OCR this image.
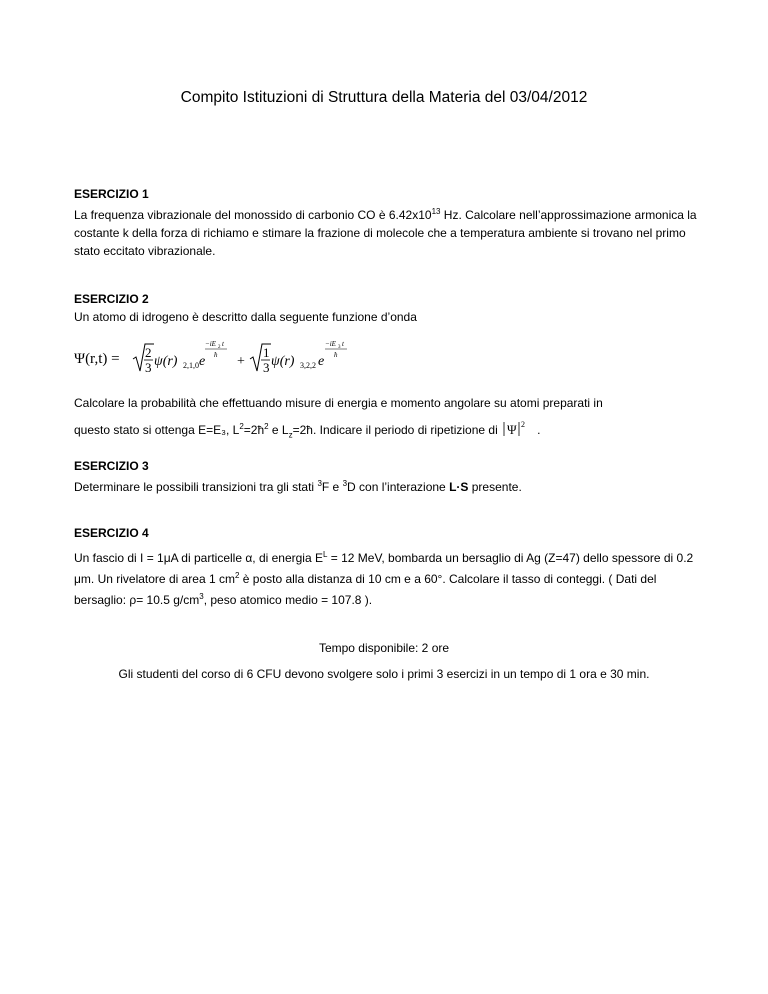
Compito Istituzioni di Struttura della Materia del 03/04/2012
ESERCIZIO 1
La frequenza vibrazionale del monossido di carbonio CO è $6.42x10^{13}$ Hz. Calcolare nell’approssimazione armonica la costante k della forza di richiamo e stimare la frazione di molecole che a temperatura ambiente si trovano nel primo stato eccitato vibrazionale.
ESERCIZIO 2
Un atomo di idrogeno è descritto dalla seguente funzione d’onda
Ψ(r,t) = 2
3 ψ(r) 2,1,0 e
−iE 2 t
ħ +
1
3 ψ(r) 3,2,2 e
−iE 3 t
ħ
Calcolare la probabilità che effettuando misure di energia e momento angolare su atomi preparati in
questo stato si ottenga E=E₃, $L^2=2ħ^2$ e $L_z=2ħ$. Indicare il periodo di ripetizione di Ψ 2 .
ESERCIZIO 3
Determinare le possibili transizioni tra gli stati $^3$F e $^3$D con l’interazione L·S presente.
ESERCIZIO 4
Un fascio di I = 1μA di particelle α, di energia $E^L = 12$ MeV, bombarda un bersaglio di Ag (Z=47) dello spessore di 0.2 μm. Un rivelatore di area 1 $cm^2$ è posto alla distanza di 10 cm e a 60°. Calcolare il tasso di conteggi. ( Dati del bersaglio: ρ= 10.5 $g/cm^3$, peso atomico medio = 107.8 ).
Tempo disponibile: 2 ore
Gli studenti del corso di 6 CFU devono svolgere solo i primi 3 esercizi in un tempo di 1 ora e 30 min.
